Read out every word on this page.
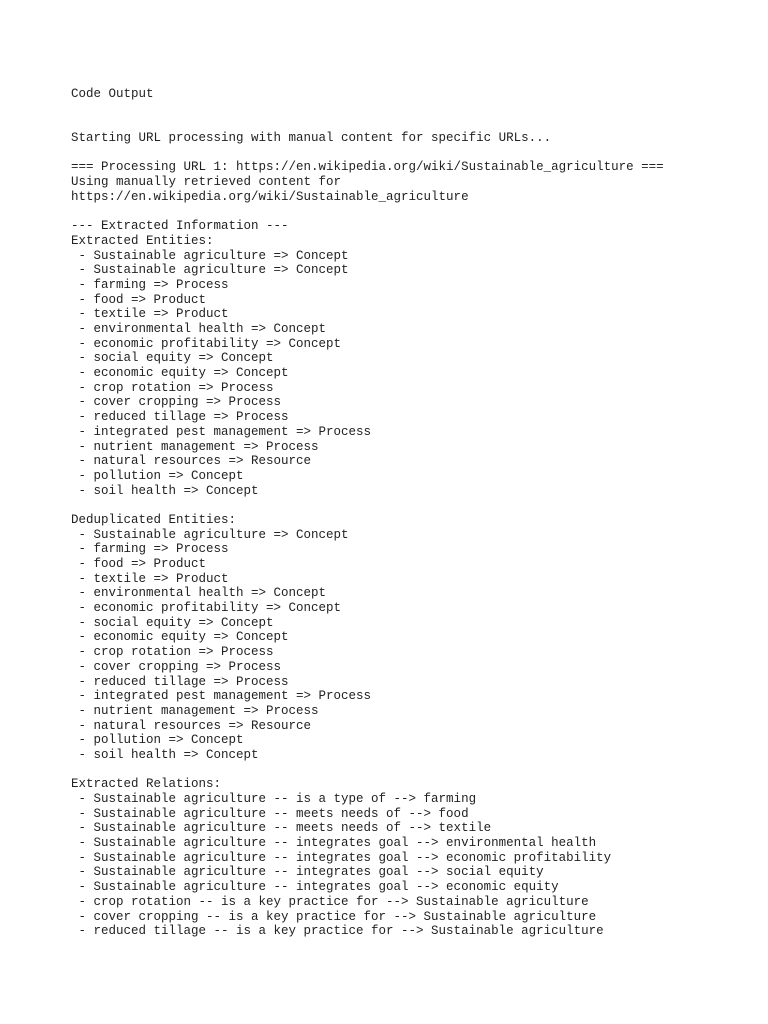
Code Output
Starting URL processing with manual content for specific URLs...
=== Processing URL 1: https://en.wikipedia.org/wiki/Sustainable_agriculture ===
Using manually retrieved content for
https://en.wikipedia.org/wiki/Sustainable_agriculture
--- Extracted Information ---
Extracted Entities:
- Sustainable agriculture => Concept
- Sustainable agriculture => Concept
- farming => Process
- food => Product
- textile => Product
- environmental health => Concept
- economic profitability => Concept
- social equity => Concept
- economic equity => Concept
- crop rotation => Process
- cover cropping => Process
- reduced tillage => Process
- integrated pest management => Process
- nutrient management => Process
- natural resources => Resource
- pollution => Concept
- soil health => Concept
Deduplicated Entities:
- Sustainable agriculture => Concept
- farming => Process
- food => Product
- textile => Product
- environmental health => Concept
- economic profitability => Concept
- social equity => Concept
- economic equity => Concept
- crop rotation => Process
- cover cropping => Process
- reduced tillage => Process
- integrated pest management => Process
- nutrient management => Process
- natural resources => Resource
- pollution => Concept
- soil health => Concept
Extracted Relations:
- Sustainable agriculture -- is a type of --> farming
- Sustainable agriculture -- meets needs of --> food
- Sustainable agriculture -- meets needs of --> textile
- Sustainable agriculture -- integrates goal --> environmental health
- Sustainable agriculture -- integrates goal --> economic profitability
- Sustainable agriculture -- integrates goal --> social equity
- Sustainable agriculture -- integrates goal --> economic equity
- crop rotation -- is a key practice for --> Sustainable agriculture
- cover cropping -- is a key practice for --> Sustainable agriculture
- reduced tillage -- is a key practice for --> Sustainable agriculture
